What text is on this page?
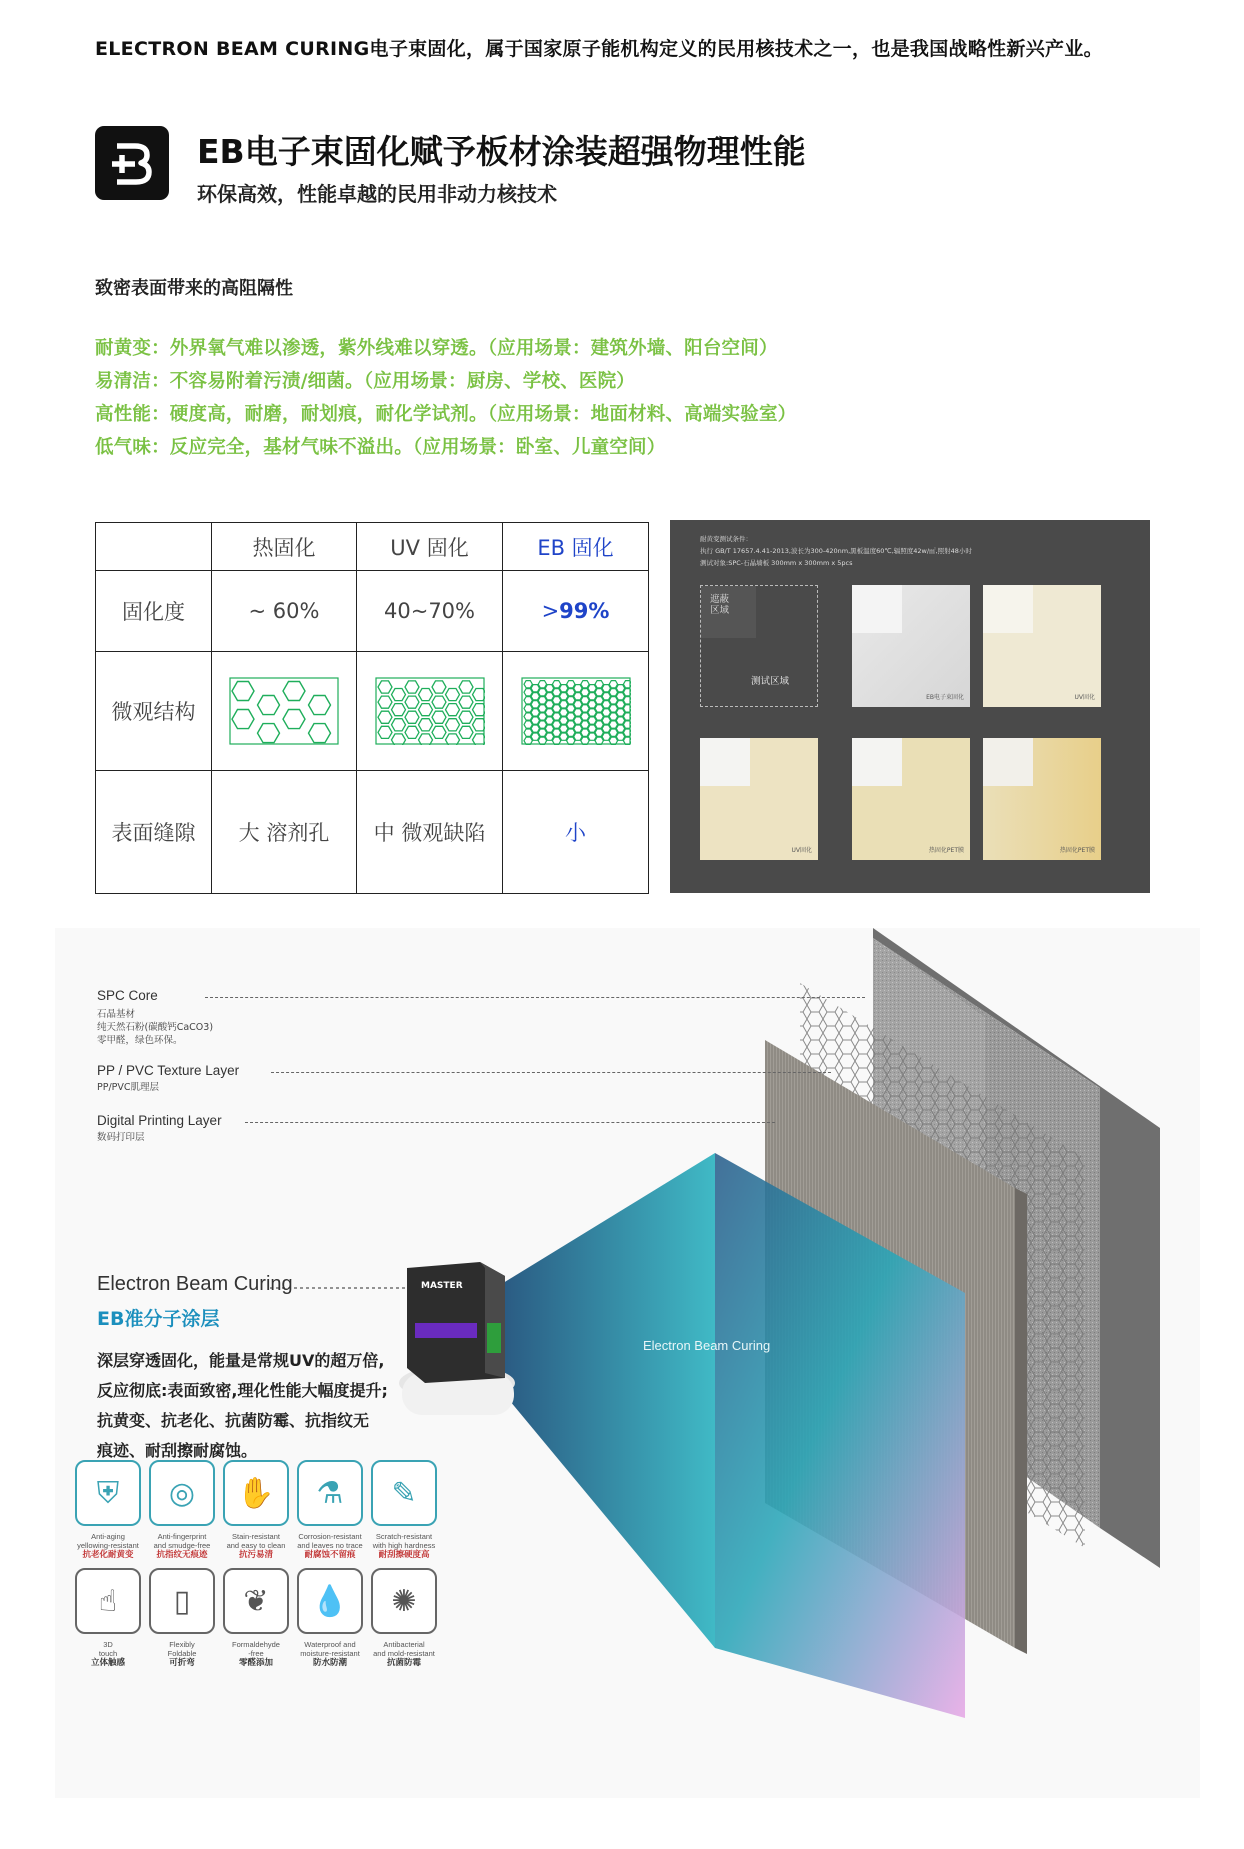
ELECTRON BEAM CURING电子束固化，属于国家原子能机构定义的民用核技术之一，也是我国战略性新兴产业。
EB电子束固化赋予板材涂装超强物理性能
环保高效，性能卓越的民用非动力核技术
致密表面带来的高阻隔性
耐黄变：外界氧气难以渗透，紫外线难以穿透。（应用场景：建筑外墙、阳台空间）
易清洁：不容易附着污渍/细菌。（应用场景：厨房、学校、医院）
高性能：硬度高，耐磨，耐划痕，耐化学试剂。（应用场景：地面材料、高端实验室）
低气味：反应完全，基材气味不溢出。（应用场景：卧室、儿童空间）
	热固化	UV 固化	EB 固化
固化度	~ 60%	40~70%	>99%
微观结构	

表面缝隙	大 溶剂孔	中 微观缺陷	小
耐黄变测试条件：
执行 GB/T 17657.4.41-2013,波长为300-420nm,黑板温度60℃,辐照度42w/㎡,照射48小时
测试对象:SPC-石晶墙板 300mm x 300mm x 5pcs
遮蔽
区域
测试区域
EB电子束固化	UV固化
UV固化	热固化PET膜	热固化PET膜
MASTER
SPC Core
石晶基材
纯天然石粉(碳酸钙CaCO3)
零甲醛，绿色环保。
PP / PVC Texture Layer
PP/PVC肌理层
Digital Printing Layer
数码打印层
Electron Beam Curing
EB准分子涂层
深层穿透固化，能量是常规UV的超万倍,
反应彻底:表面致密,理化性能大幅度提升;
抗黄变、抗老化、抗菌防霉、抗指纹无
痕迹、耐刮擦耐腐蚀。
Electron Beam Curing
⛨
Anti-aging
yellowing-resistant
抗老化耐黄变
◎
Anti-fingerprint
and smudge-free
抗指纹无痕迹
✋
Stain-resistant
and easy to clean
抗污易清
⚗
Corrosion-resistant
and leaves no trace
耐腐蚀不留痕
✎
Scratch-resistant
with high hardness
耐刮擦硬度高
☝
3D
touch
立体触感
▯
Flexibly
Foldable
可折弯
❦
Formaldehyde
-free
零醛添加
💧
Waterproof and
moisture-resistant
防水防潮
✺
Antibacterial
and mold-resistant
抗菌防霉
